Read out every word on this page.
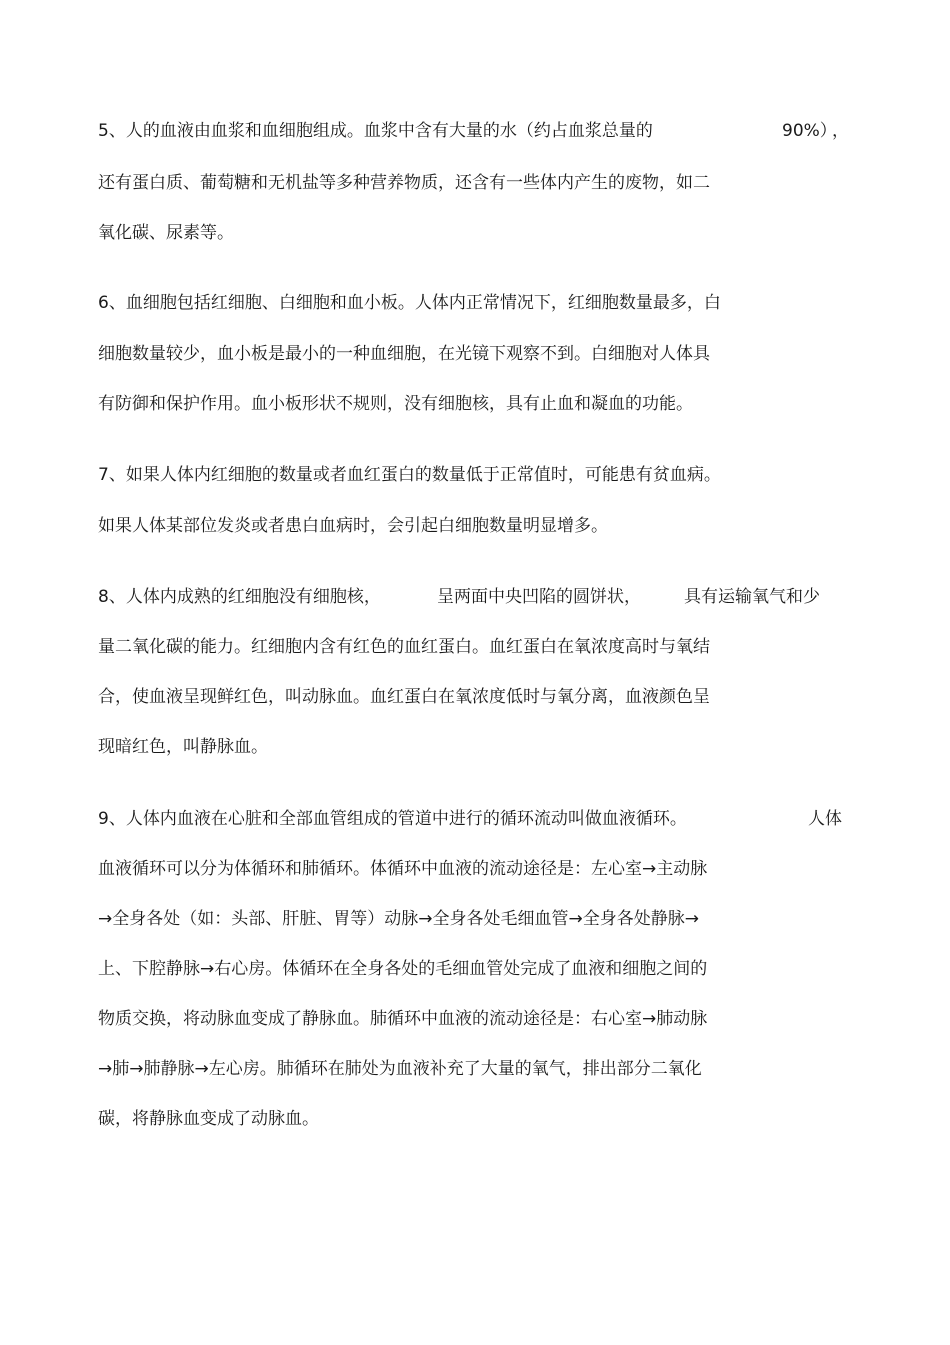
5、人的血液由血浆和血细胞组成。血浆中含有大量的水（约占血浆总量的	90%）
，
还有蛋白质、葡萄糖和无机盐等多种营养物质，还含有一些体内产生的废物，如二
氧化碳、尿素等。
6、血细胞包括红细胞、白细胞和血小板。人体内正常情况下，红细胞数量最多，白
细胞数量较少，血小板是最小的一种血细胞，在光镜下观察不到。白细胞对人体具
有防御和保护作用。血小板形状不规则，没有细胞核，具有止血和凝血的功能。
7、如果人体内红细胞的数量或者血红蛋白的数量低于正常值时，可能患有贫血病。
如果人体某部位发炎或者患白血病时，会引起白细胞数量明显增多。
8、人体内成熟的红细胞没有细胞核，	呈两面中央凹陷的圆饼状，	具有运输氧气和少
量二氧化碳的能力。红细胞内含有红色的血红蛋白。血红蛋白在氧浓度高时与氧结
合，使血液呈现鲜红色，叫动脉血。血红蛋白在氧浓度低时与氧分离，血液颜色呈
现暗红色，叫静脉血。
9、人体内血液在心脏和全部血管组成的管道中进行的循环流动叫做血液循环。	人体
血液循环可以分为体循环和肺循环。体循环中血液的流动途径是：左心室→主动脉
→全身各处（如：头部、肝脏、胃等）动脉→全身各处毛细血管→全身各处静脉→
上、下腔静脉→右心房。体循环在全身各处的毛细血管处完成了血液和细胞之间的
物质交换，将动脉血变成了静脉血。肺循环中血液的流动途径是：右心室→肺动脉
→肺→肺静脉→左心房。肺循环在肺处为血液补充了大量的氧气，排出部分二氧化
碳，将静脉血变成了动脉血。
